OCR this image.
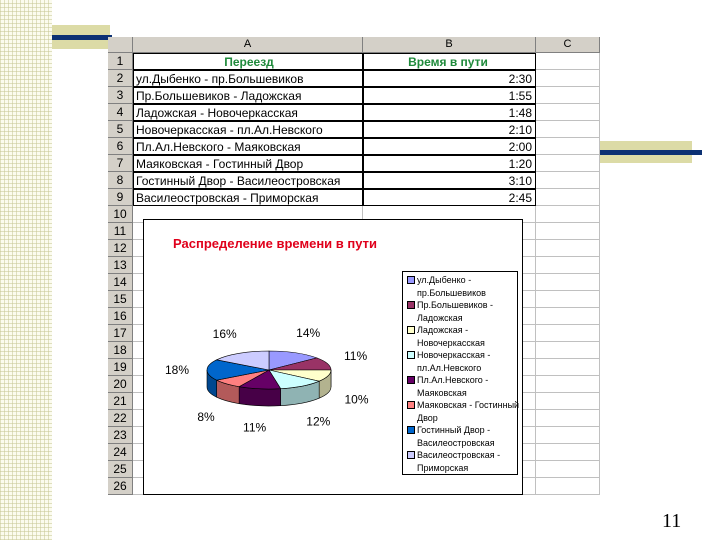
A	B	C
1	Переезд	Время в пути
2	ул.Дыбенко - пр.Большевиков	2:30
3	Пр.Большевиков - Ладожская	1:55
4	Ладожская - Новочеркасская	1:48
5	Новочеркасская - пл.Ал.Невского	2:10
6	Пл.Ал.Невского - Маяковская	2:00
7	Маяковская - Гостинный Двор	1:20
8	Гостинный Двор - Василеостровская	3:10
9	Василеостровская - Приморская	2:45
10
11
12
13
14
15
16
17
18
19
20
21
22
23
24
25
26
Распределение времени в пути
14%
11%
10%
12%
11%
8%
18%
16%
ул.Дыбенко - пр.Большевиков
Пр.Большевиков - Ладожская
Ладожская - Новочеркасская
Новочеркасская - пл.Ал.Невского
Пл.Ал.Невского - Маяковская
Маяковская - Гостинный Двор
Гостинный Двор - Василеостровская
Василеостровская - Приморская
11
